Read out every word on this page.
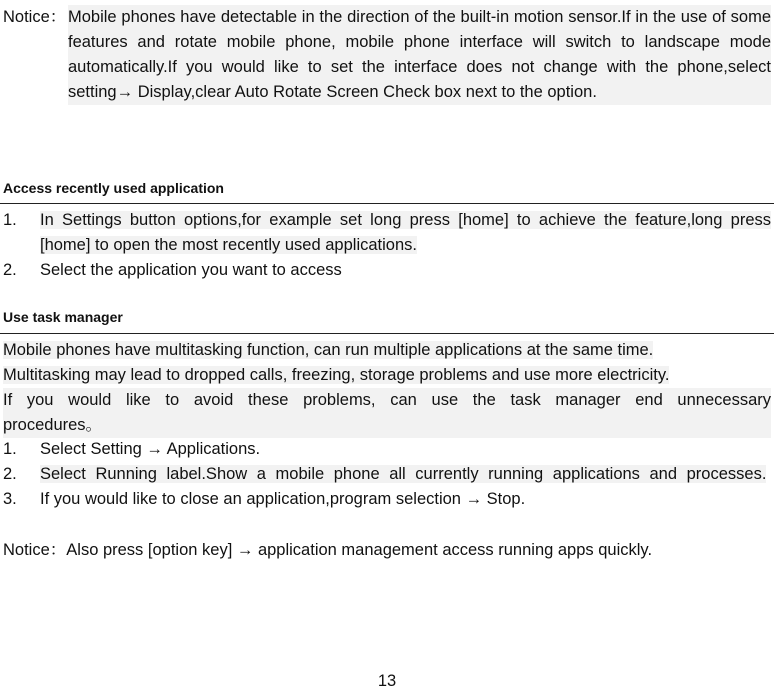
Notice： Mobile phones have detectable in the direction of the built-in motion sensor.If in the use of some features and rotate mobile phone, mobile phone interface will switch to landscape mode automatically.If you would like to set the interface does not change with the phone,select setting→ Display,clear Auto Rotate Screen Check box next to the option.
Access recently used application
1. In Settings button options,for example set long press [home] to achieve the feature,long press [home] to open the most recently used applications.
2. Select the application you want to access
Use task manager
Mobile phones have multitasking function, can run multiple applications at the same time.
Multitasking may lead to dropped calls, freezing, storage problems and use more electricity.
If you would like to avoid these problems, can use the task manager end unnecessary procedures。
1. Select Setting → Applications.
2. Select Running label.Show a mobile phone all currently running applications and processes.
3. If you would like to close an application,program selection → Stop.
Notice：Also press [option key] → application management access running apps quickly.
13
